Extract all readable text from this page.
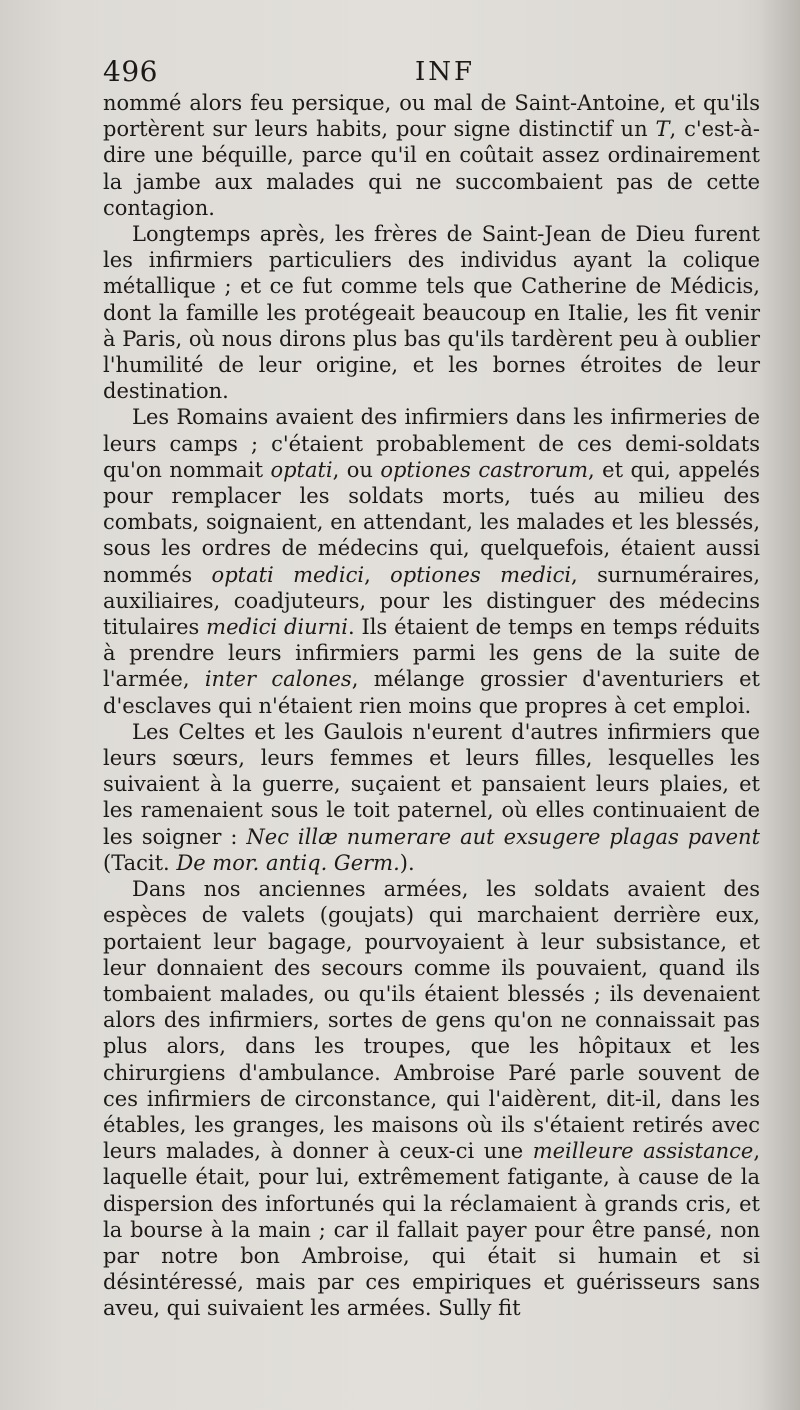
496	INF

nommé alors feu persique, ou mal de Saint-Antoine, et qu'ils portèrent sur leurs habits, pour signe distinctif un T, c'est-à-dire une béquille, parce qu'il en coûtait assez ordinairement la jambe aux malades qui ne succombaient pas de cette contagion.

Longtemps après, les frères de Saint-Jean de Dieu furent les infirmiers particuliers des individus ayant la colique métallique ; et ce fut comme tels que Catherine de Médicis, dont la famille les protégeait beaucoup en Italie, les fit venir à Paris, où nous dirons plus bas qu'ils tardèrent peu à oublier l'humilité de leur origine, et les bornes étroites de leur destination.

Les Romains avaient des infirmiers dans les infirmeries de leurs camps ; c'étaient probablement de ces demi-soldats qu'on nommait optati, ou optiones castrorum, et qui, appelés pour remplacer les soldats morts, tués au milieu des combats, soignaient, en attendant, les malades et les blessés, sous les ordres de médecins qui, quelquefois, étaient aussi nommés optati medici, optiones medici, surnuméraires, auxiliaires, coadjuteurs, pour les distinguer des médecins titulaires medici diurni. Ils étaient de temps en temps réduits à prendre leurs infirmiers parmi les gens de la suite de l'armée, inter calones, mélange grossier d'aventuriers et d'esclaves qui n'étaient rien moins que propres à cet emploi.

Les Celtes et les Gaulois n'eurent d'autres infirmiers que leurs sœurs, leurs femmes et leurs filles, lesquelles les suivaient à la guerre, suçaient et pansaient leurs plaies, et les ramenaient sous le toit paternel, où elles continuaient de les soigner : Nec illæ numerare aut exsugere plagas pavent (Tacit. De mor. antiq. Germ.).

Dans nos anciennes armées, les soldats avaient des espèces de valets (goujats) qui marchaient derrière eux, portaient leur bagage, pourvoyaient à leur subsistance, et leur donnaient des secours comme ils pouvaient, quand ils tombaient malades, ou qu'ils étaient blessés ; ils devenaient alors des infirmiers, sortes de gens qu'on ne connaissait pas plus alors, dans les troupes, que les hôpitaux et les chirurgiens d'ambulance. Ambroise Paré parle souvent de ces infirmiers de circonstance, qui l'aidèrent, dit-il, dans les étables, les granges, les maisons où ils s'étaient retirés avec leurs malades, à donner à ceux-ci une meilleure assistance, laquelle était, pour lui, extrêmement fatigante, à cause de la dispersion des infortunés qui la réclamaient à grands cris, et la bourse à la main ; car il fallait payer pour être pansé, non par notre bon Ambroise, qui était si humain et si désintéressé, mais par ces empiriques et guérisseurs sans aveu, qui suivaient les armées. Sully fit
